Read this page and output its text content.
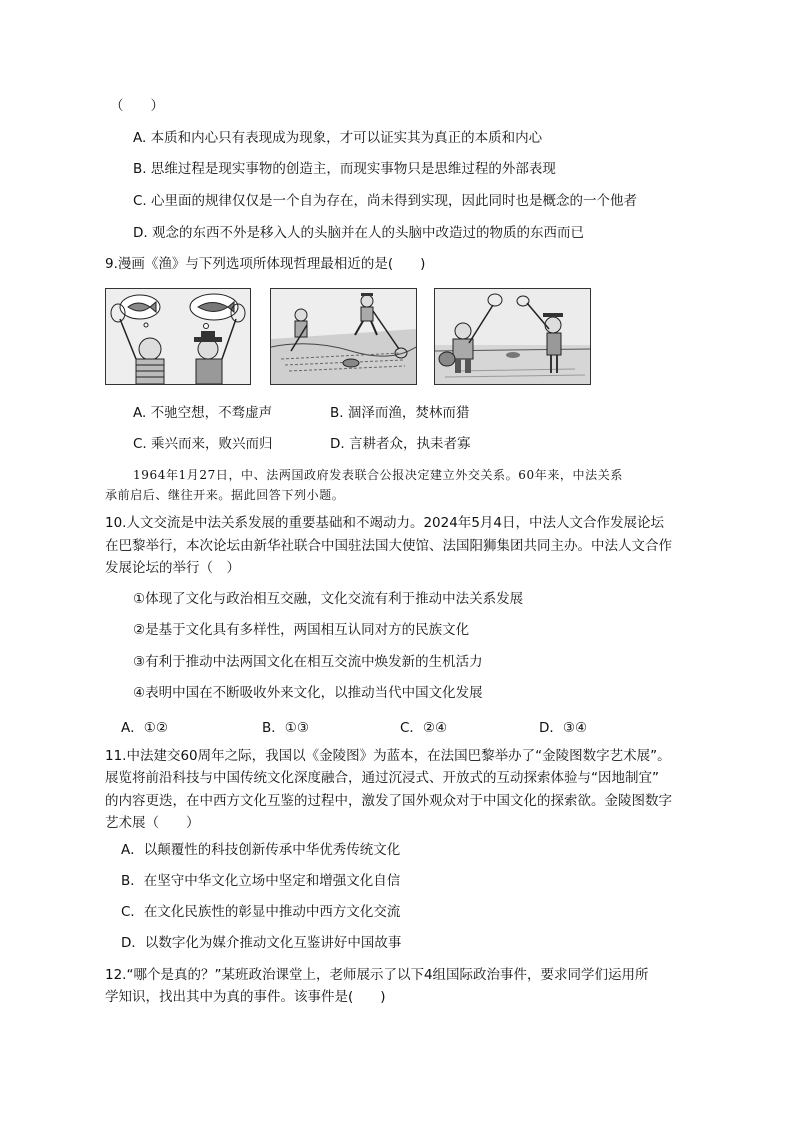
（　　）
A. 本质和内心只有表现成为现象，才可以证实其为真正的本质和内心
B. 思维过程是现实事物的创造主，而现实事物只是思维过程的外部表现
C. 心里面的规律仅仅是一个自为存在，尚未得到实现，因此同时也是概念的一个他者
D. 观念的东西不外是移入人的头脑并在人的头脑中改造过的物质的东西而已
9.漫画《渔》与下列选项所体现哲理最相近的是(　　)
A. 不驰空想，不骛虚声	B. 涸泽而渔，焚林而猎
C. 乘兴而来，败兴而归	D. 言耕者众，执耒者寡
1964年1月27日，中、法两国政府发表联合公报决定建立外交关系。60年来，中法关系
承前启后、继往开来。据此回答下列小题。
10.人文交流是中法关系发展的重要基础和不竭动力。2024年5月4日，中法人文合作发展论坛
在巴黎举行，本次论坛由新华社联合中国驻法国大使馆、法国阳狮集团共同主办。中法人文合作
发展论坛的举行（　）
①体现了文化与政治相互交融，文化交流有利于推动中法关系发展
②是基于文化具有多样性，两国相互认同对方的民族文化
③有利于推动中法两国文化在相互交流中焕发新的生机活力
④表明中国在不断吸收外来文化，以推动当代中国文化发展
A．①②	B．①③	C．②④	D．③④
11.中法建交60周年之际，我国以《金陵图》为蓝本，在法国巴黎举办了“金陵图数字艺术展”。
展览将前沿科技与中国传统文化深度融合，通过沉浸式、开放式的互动探索体验与“因地制宜”
的内容更迭，在中西方文化互鉴的过程中，激发了国外观众对于中国文化的探索欲。金陵图数字
艺术展（　　）
A．以颠覆性的科技创新传承中华优秀传统文化
B．在坚守中华文化立场中坚定和增强文化自信
C．在文化民族性的彰显中推动中西方文化交流
D．以数字化为媒介推动文化互鉴讲好中国故事
12.“哪个是真的？”某班政治课堂上，老师展示了以下4组国际政治事件，要求同学们运用所
学知识，找出其中为真的事件。该事件是(　　)
